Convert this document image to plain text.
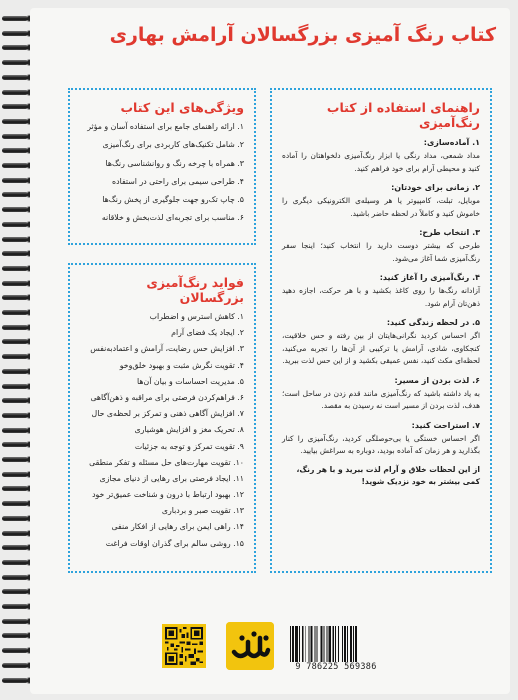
کتاب رنگ آمیزی بزرگسالان آرامش بهاری
ویژگی‌های این کتاب
۱. ارائه راهنمای جامع برای استفاده آسان و مؤثر
۲. شامل تکنیک‌های کاربردی برای رنگ‌آمیزی
۳. همراه با چرخه رنگ و روانشناسی رنگ‌ها
۴. طراحی سیمی برای راحتی در استفاده
۵. چاپ تک‌رو جهت جلوگیری از پخش رنگ‌ها
۶. مناسب برای تجربه‌ای لذت‌بخش و خلاقانه
فواید رنگ‌آمیزی بزرگسالان
۱. کاهش استرس و اضطراب
۲. ایجاد یک فضای آرام
۳. افزایش حس رضایت، آرامش و اعتماد‌به‌نفس
۴. تقویت نگرش مثبت و بهبود خلق‌وخو
۵. مدیریت احساسات و بیان آن‌ها
۶. فراهم‌کردن فرصتی برای مراقبه و ذهن‌آگاهی
۷. افزایش آگاهی ذهنی و تمرکز بر لحظه‌ی حال
۸. تحریک مغز و افزایش هوشیاری
۹. تقویت تمرکز و توجه به جزئیات
۱۰. تقویت مهارت‌های حل مسئله و تفکر منطقی
۱۱. ایجاد فرصتی برای رهایی از دنیای مجازی
۱۲. بهبود ارتباط با درون و شناخت عمیق‌تر خود
۱۳. تقویت صبر و بردباری
۱۴. راهی ایمن برای رهایی از افکار منفی
۱۵. روشی سالم برای گذران اوقات فراغت
راهنمای استفاده از کتاب رنگ‌آمیزی
۱. آماده‌سازی:
مداد شمعی، مداد رنگی یا ابزار رنگ‌آمیزی دلخواهتان را آماده کنید و محیطی آرام برای خود فراهم کنید.
۲. زمانی برای خودتان:
موبایل، تبلت، کامپیوتر یا هر وسیله‌ی الکترونیکی دیگری را خاموش کنید و کاملاً در لحظه حاضر باشید.
۳. انتخاب طرح:
طرحی که بیشتر دوست دارید را انتخاب کنید؛ اینجا سفر رنگ‌آمیزی شما آغاز می‌شود.
۴. رنگ‌آمیزی را آغاز کنید:
آزادانه رنگ‌ها را روی کاغذ بکشید و با هر حرکت، اجازه دهید ذهن‌تان آرام شود.
۵. در لحظه زندگی کنید:
اگر احساس کردید نگرانی‌هایتان از بین رفته و حس خلاقیت، کنجکاوی، شادی، آرامش یا ترکیبی از آن‌ها را تجربه می‌کنید، لحظه‌ای مکث کنید، نفس عمیقی بکشید و از این حس لذت ببرید.
۶. لذت بردن از مسیر:
به یاد داشته باشید که رنگ‌آمیزی مانند قدم زدن در ساحل است؛ هدف، لذت بردن از مسیر است نه رسیدن به مقصد.
۷. استراحت کنید:
اگر احساس خستگی یا بی‌حوصلگی کردید، رنگ‌آمیزی را کنار بگذارید و هر زمان که آماده بودید، دوباره به سراغش بیایید.
از این لحظات خلاق و آرام لذت ببرید و با هر رنگ، کمی بیشتر به خود نزدیک شوید!
9 786225 569386
